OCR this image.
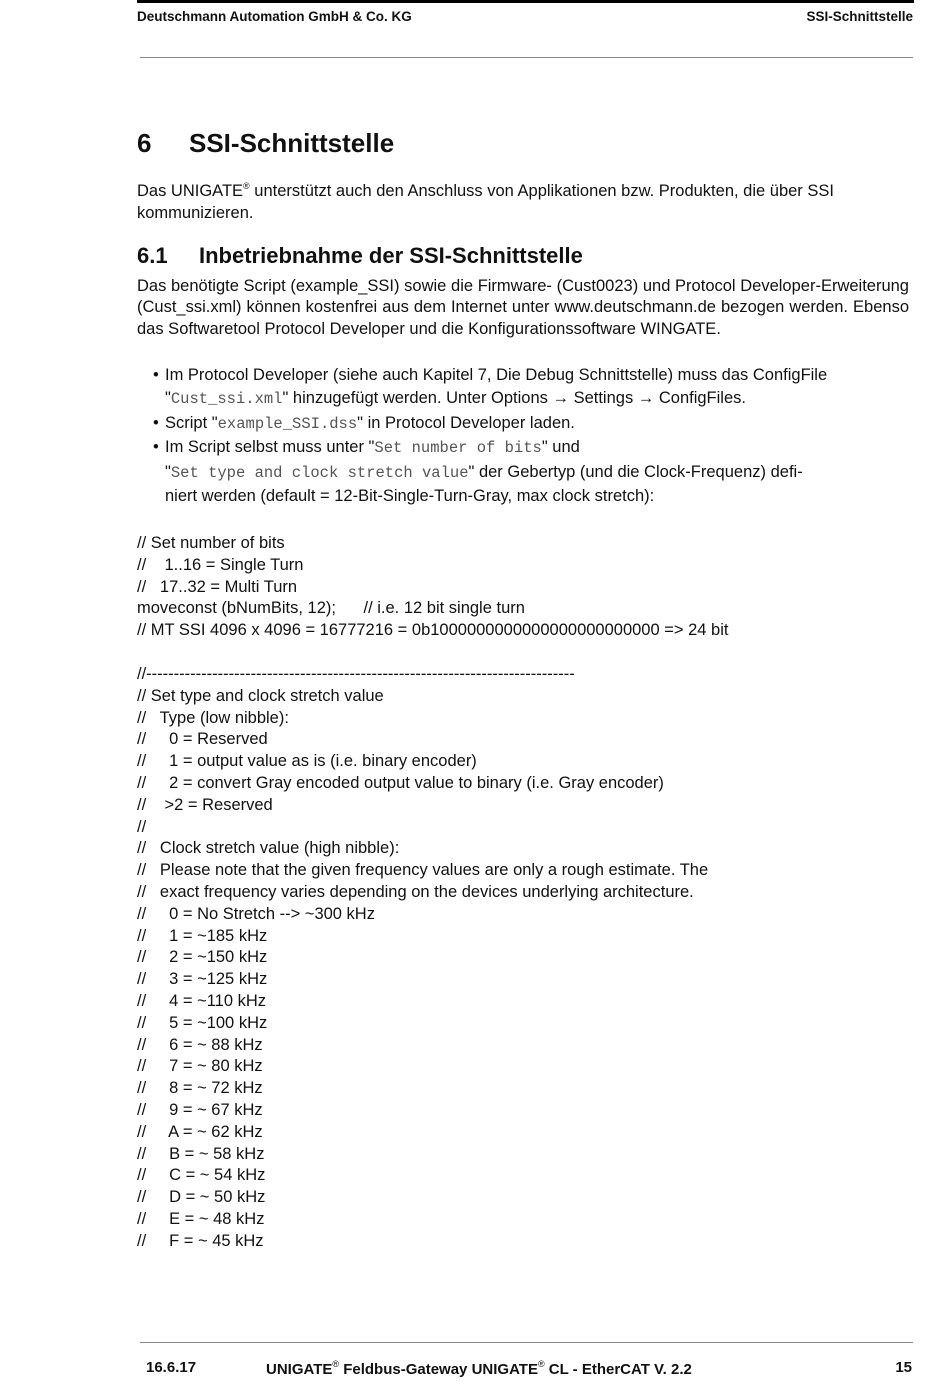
Deutschmann Automation GmbH & Co. KG	SSI-Schnittstelle
6 SSI-Schnittstelle

Das UNIGATE® unterstützt auch den Anschluss von Applikationen bzw. Produkten, die über SSI kommunizieren.

6.1 Inbetriebnahme der SSI-Schnittstelle

Das benötigte Script (example_SSI) sowie die Firmware- (Cust0023) und Protocol Developer-Erweiterung (Cust_ssi.xml) können kostenfrei aus dem Internet unter www.deutschmann.de bezogen werden. Ebenso das Softwaretool Protocol Developer und die Konfigurationssoftware WINGATE.

• Im Protocol Developer (siehe auch Kapitel 7, Die Debug Schnittstelle) muss das ConfigFile
"Cust_ssi.xml" hinzugefügt werden. Unter Options → Settings → ConfigFiles.
• Script "example_SSI.dss" in Protocol Developer laden.
• Im Script selbst muss unter "Set number of bits" und
"Set type and clock stretch value" der Gebertyp (und die Clock-Frequenz) defi-
niert werden (default = 12-Bit-Single-Turn-Gray, max clock stretch):
// Set number of bits
//    1..16 = Single Turn
//   17..32 = Multi Turn
moveconst (bNumBits, 12);      // i.e. 12 bit single turn
// MT SSI 4096 x 4096 = 16777216 = 0b1000000000000000000000000 => 24 bit
//------------------------------------------------------------------------------
// Set type and clock stretch value
//   Type (low nibble):
//     0 = Reserved
//     1 = output value as is (i.e. binary encoder)
//     2 = convert Gray encoded output value to binary (i.e. Gray encoder)
//    >2 = Reserved
//
//   Clock stretch value (high nibble):
//   Please note that the given frequency values are only a rough estimate. The
//   exact frequency varies depending on the devices underlying architecture.
//     0 = No Stretch --> ~300 kHz
//     1 = ~185 kHz
//     2 = ~150 kHz
//     3 = ~125 kHz
//     4 = ~110 kHz
//     5 = ~100 kHz
//     6 = ~ 88 kHz
//     7 = ~ 80 kHz
//     8 = ~ 72 kHz
//     9 = ~ 67 kHz
//     A = ~ 62 kHz
//     B = ~ 58 kHz
//     C = ~ 54 kHz
//     D = ~ 50 kHz
//     E = ~ 48 kHz
//     F = ~ 45 kHz
16.6.17	UNIGATE® Feldbus-Gateway UNIGATE® CL - EtherCAT V. 2.2	15
